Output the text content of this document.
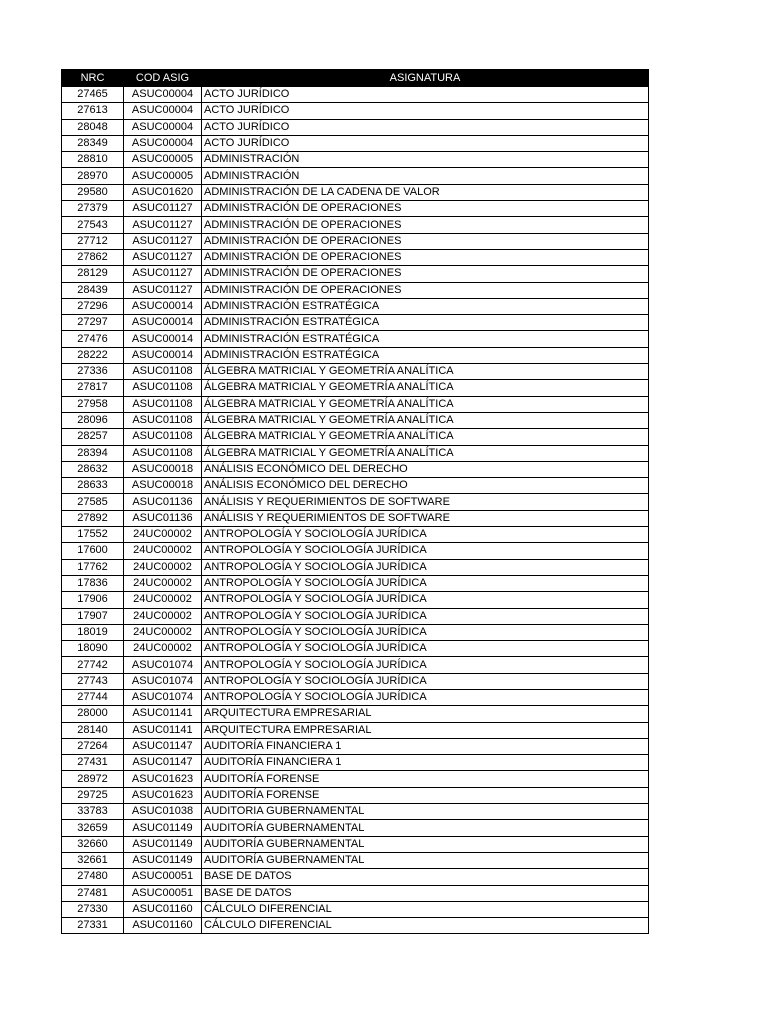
NRC	COD ASIG	ASIGNATURA
27465	ASUC00004	ACTO JURÍDICO
27613	ASUC00004	ACTO JURÍDICO
28048	ASUC00004	ACTO JURÍDICO
28349	ASUC00004	ACTO JURÍDICO
28810	ASUC00005	ADMINISTRACIÓN
28970	ASUC00005	ADMINISTRACIÓN
29580	ASUC01620	ADMINISTRACIÓN DE LA CADENA DE VALOR
27379	ASUC01127	ADMINISTRACIÓN DE OPERACIONES
27543	ASUC01127	ADMINISTRACIÓN DE OPERACIONES
27712	ASUC01127	ADMINISTRACIÓN DE OPERACIONES
27862	ASUC01127	ADMINISTRACIÓN DE OPERACIONES
28129	ASUC01127	ADMINISTRACIÓN DE OPERACIONES
28439	ASUC01127	ADMINISTRACIÓN DE OPERACIONES
27296	ASUC00014	ADMINISTRACIÓN ESTRATÉGICA
27297	ASUC00014	ADMINISTRACIÓN ESTRATÉGICA
27476	ASUC00014	ADMINISTRACIÓN ESTRATÉGICA
28222	ASUC00014	ADMINISTRACIÓN ESTRATÉGICA
27336	ASUC01108	ÁLGEBRA MATRICIAL Y GEOMETRÍA ANALÍTICA
27817	ASUC01108	ÁLGEBRA MATRICIAL Y GEOMETRÍA ANALÍTICA
27958	ASUC01108	ÁLGEBRA MATRICIAL Y GEOMETRÍA ANALÍTICA
28096	ASUC01108	ÁLGEBRA MATRICIAL Y GEOMETRÍA ANALÍTICA
28257	ASUC01108	ÁLGEBRA MATRICIAL Y GEOMETRÍA ANALÍTICA
28394	ASUC01108	ÁLGEBRA MATRICIAL Y GEOMETRÍA ANALÍTICA
28632	ASUC00018	ANÁLISIS ECONÓMICO DEL DERECHO
28633	ASUC00018	ANÁLISIS ECONÓMICO DEL DERECHO
27585	ASUC01136	ANÁLISIS Y REQUERIMIENTOS DE SOFTWARE
27892	ASUC01136	ANÁLISIS Y REQUERIMIENTOS DE SOFTWARE
17552	24UC00002	ANTROPOLOGÍA Y SOCIOLOGÍA JURÍDICA
17600	24UC00002	ANTROPOLOGÍA Y SOCIOLOGÍA JURÍDICA
17762	24UC00002	ANTROPOLOGÍA Y SOCIOLOGÍA JURÍDICA
17836	24UC00002	ANTROPOLOGÍA Y SOCIOLOGÍA JURÍDICA
17906	24UC00002	ANTROPOLOGÍA Y SOCIOLOGÍA JURÍDICA
17907	24UC00002	ANTROPOLOGÍA Y SOCIOLOGÍA JURÍDICA
18019	24UC00002	ANTROPOLOGÍA Y SOCIOLOGÍA JURÍDICA
18090	24UC00002	ANTROPOLOGÍA Y SOCIOLOGÍA JURÍDICA
27742	ASUC01074	ANTROPOLOGÍA Y SOCIOLOGÍA JURÍDICA
27743	ASUC01074	ANTROPOLOGÍA Y SOCIOLOGÍA JURÍDICA
27744	ASUC01074	ANTROPOLOGÍA Y SOCIOLOGÍA JURÍDICA
28000	ASUC01141	ARQUITECTURA EMPRESARIAL
28140	ASUC01141	ARQUITECTURA EMPRESARIAL
27264	ASUC01147	AUDITORÍA FINANCIERA 1
27431	ASUC01147	AUDITORÍA FINANCIERA 1
28972	ASUC01623	AUDITORÍA FORENSE
29725	ASUC01623	AUDITORÍA FORENSE
33783	ASUC01038	AUDITORIA GUBERNAMENTAL
32659	ASUC01149	AUDITORÍA GUBERNAMENTAL
32660	ASUC01149	AUDITORÍA GUBERNAMENTAL
32661	ASUC01149	AUDITORÍA GUBERNAMENTAL
27480	ASUC00051	BASE DE DATOS
27481	ASUC00051	BASE DE DATOS
27330	ASUC01160	CÁLCULO DIFERENCIAL
27331	ASUC01160	CÁLCULO DIFERENCIAL
